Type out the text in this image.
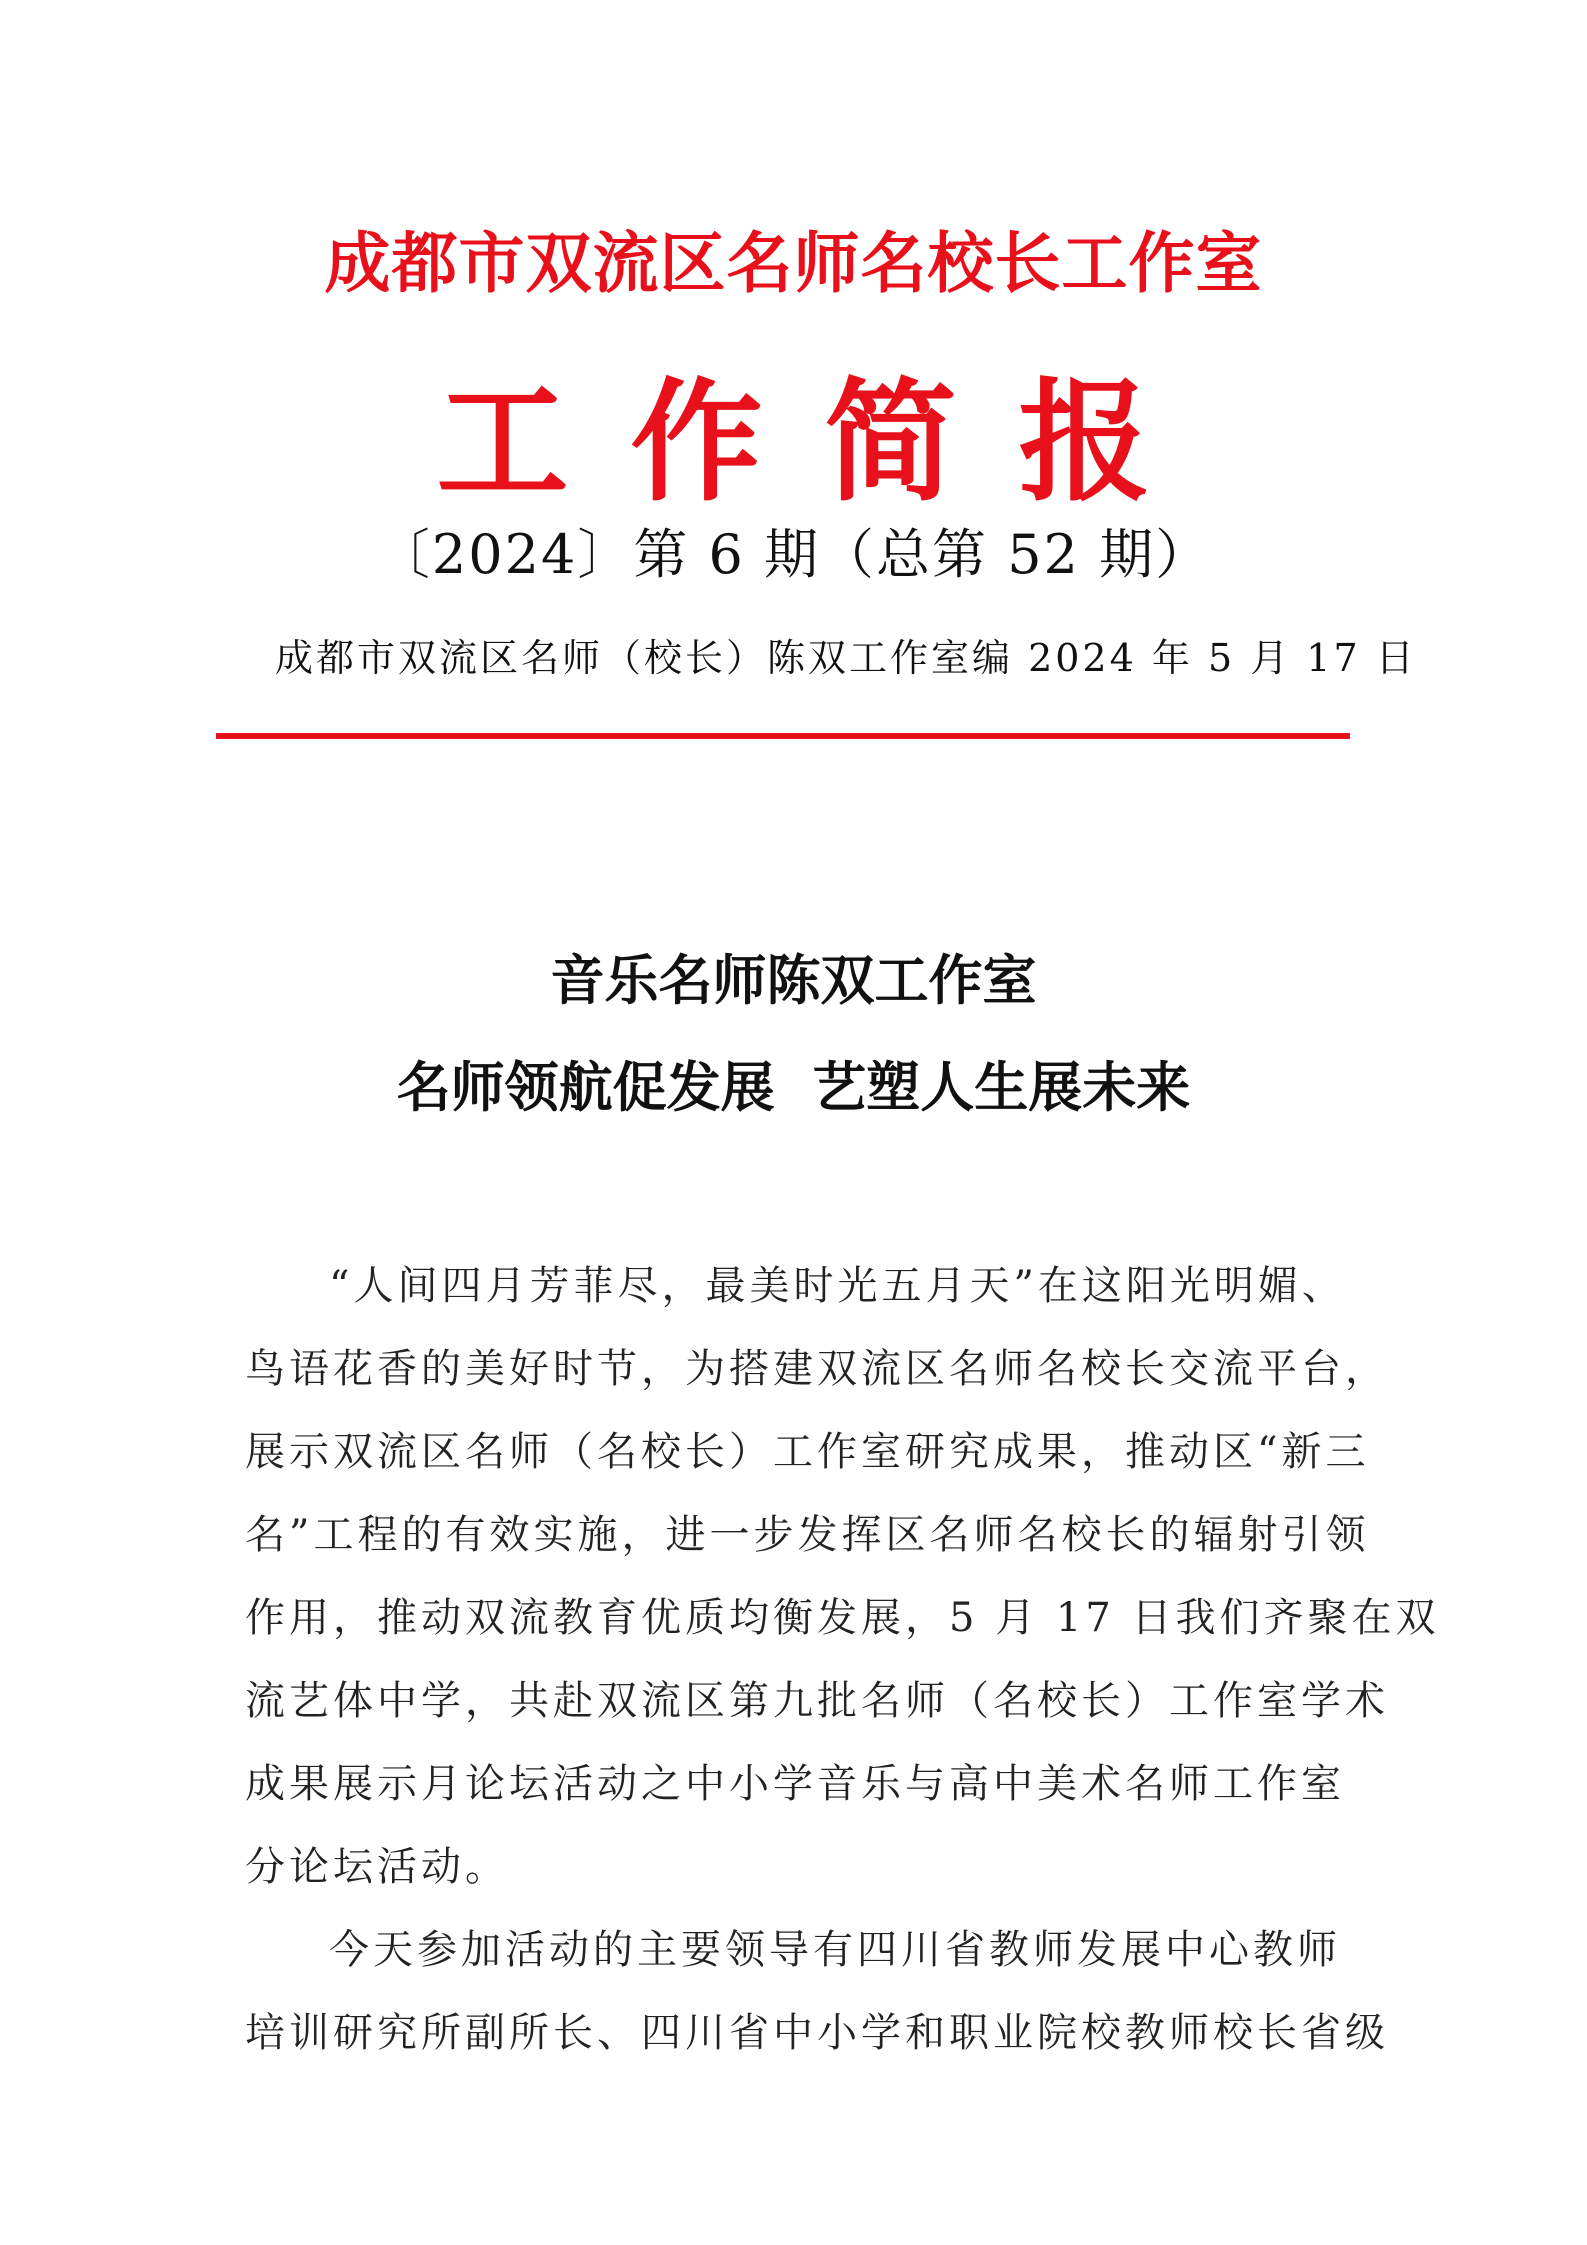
成都市双流区名师名校长工作室
工作简报
〔2024〕第 6 期（总第 52 期）
成都市双流区名师（校长）陈双工作室编 2024 年 5 月 17 日
音乐名师陈双工作室
名师领航促发展  艺塑人生展未来
“人间四月芳菲尽，最美时光五月天”在这阳光明媚、
鸟语花香的美好时节，为搭建双流区名师名校长交流平台，
展示双流区名师（名校长）工作室研究成果，推动区“新三
名”工程的有效实施，进一步发挥区名师名校长的辐射引领
作用，推动双流教育优质均衡发展，5 月 17 日我们齐聚在双
流艺体中学，共赴双流区第九批名师（名校长）工作室学术
成果展示月论坛活动之中小学音乐与高中美术名师工作室
分论坛活动。
今天参加活动的主要领导有四川省教师发展中心教师
培训研究所副所长、四川省中小学和职业院校教师校长省级
